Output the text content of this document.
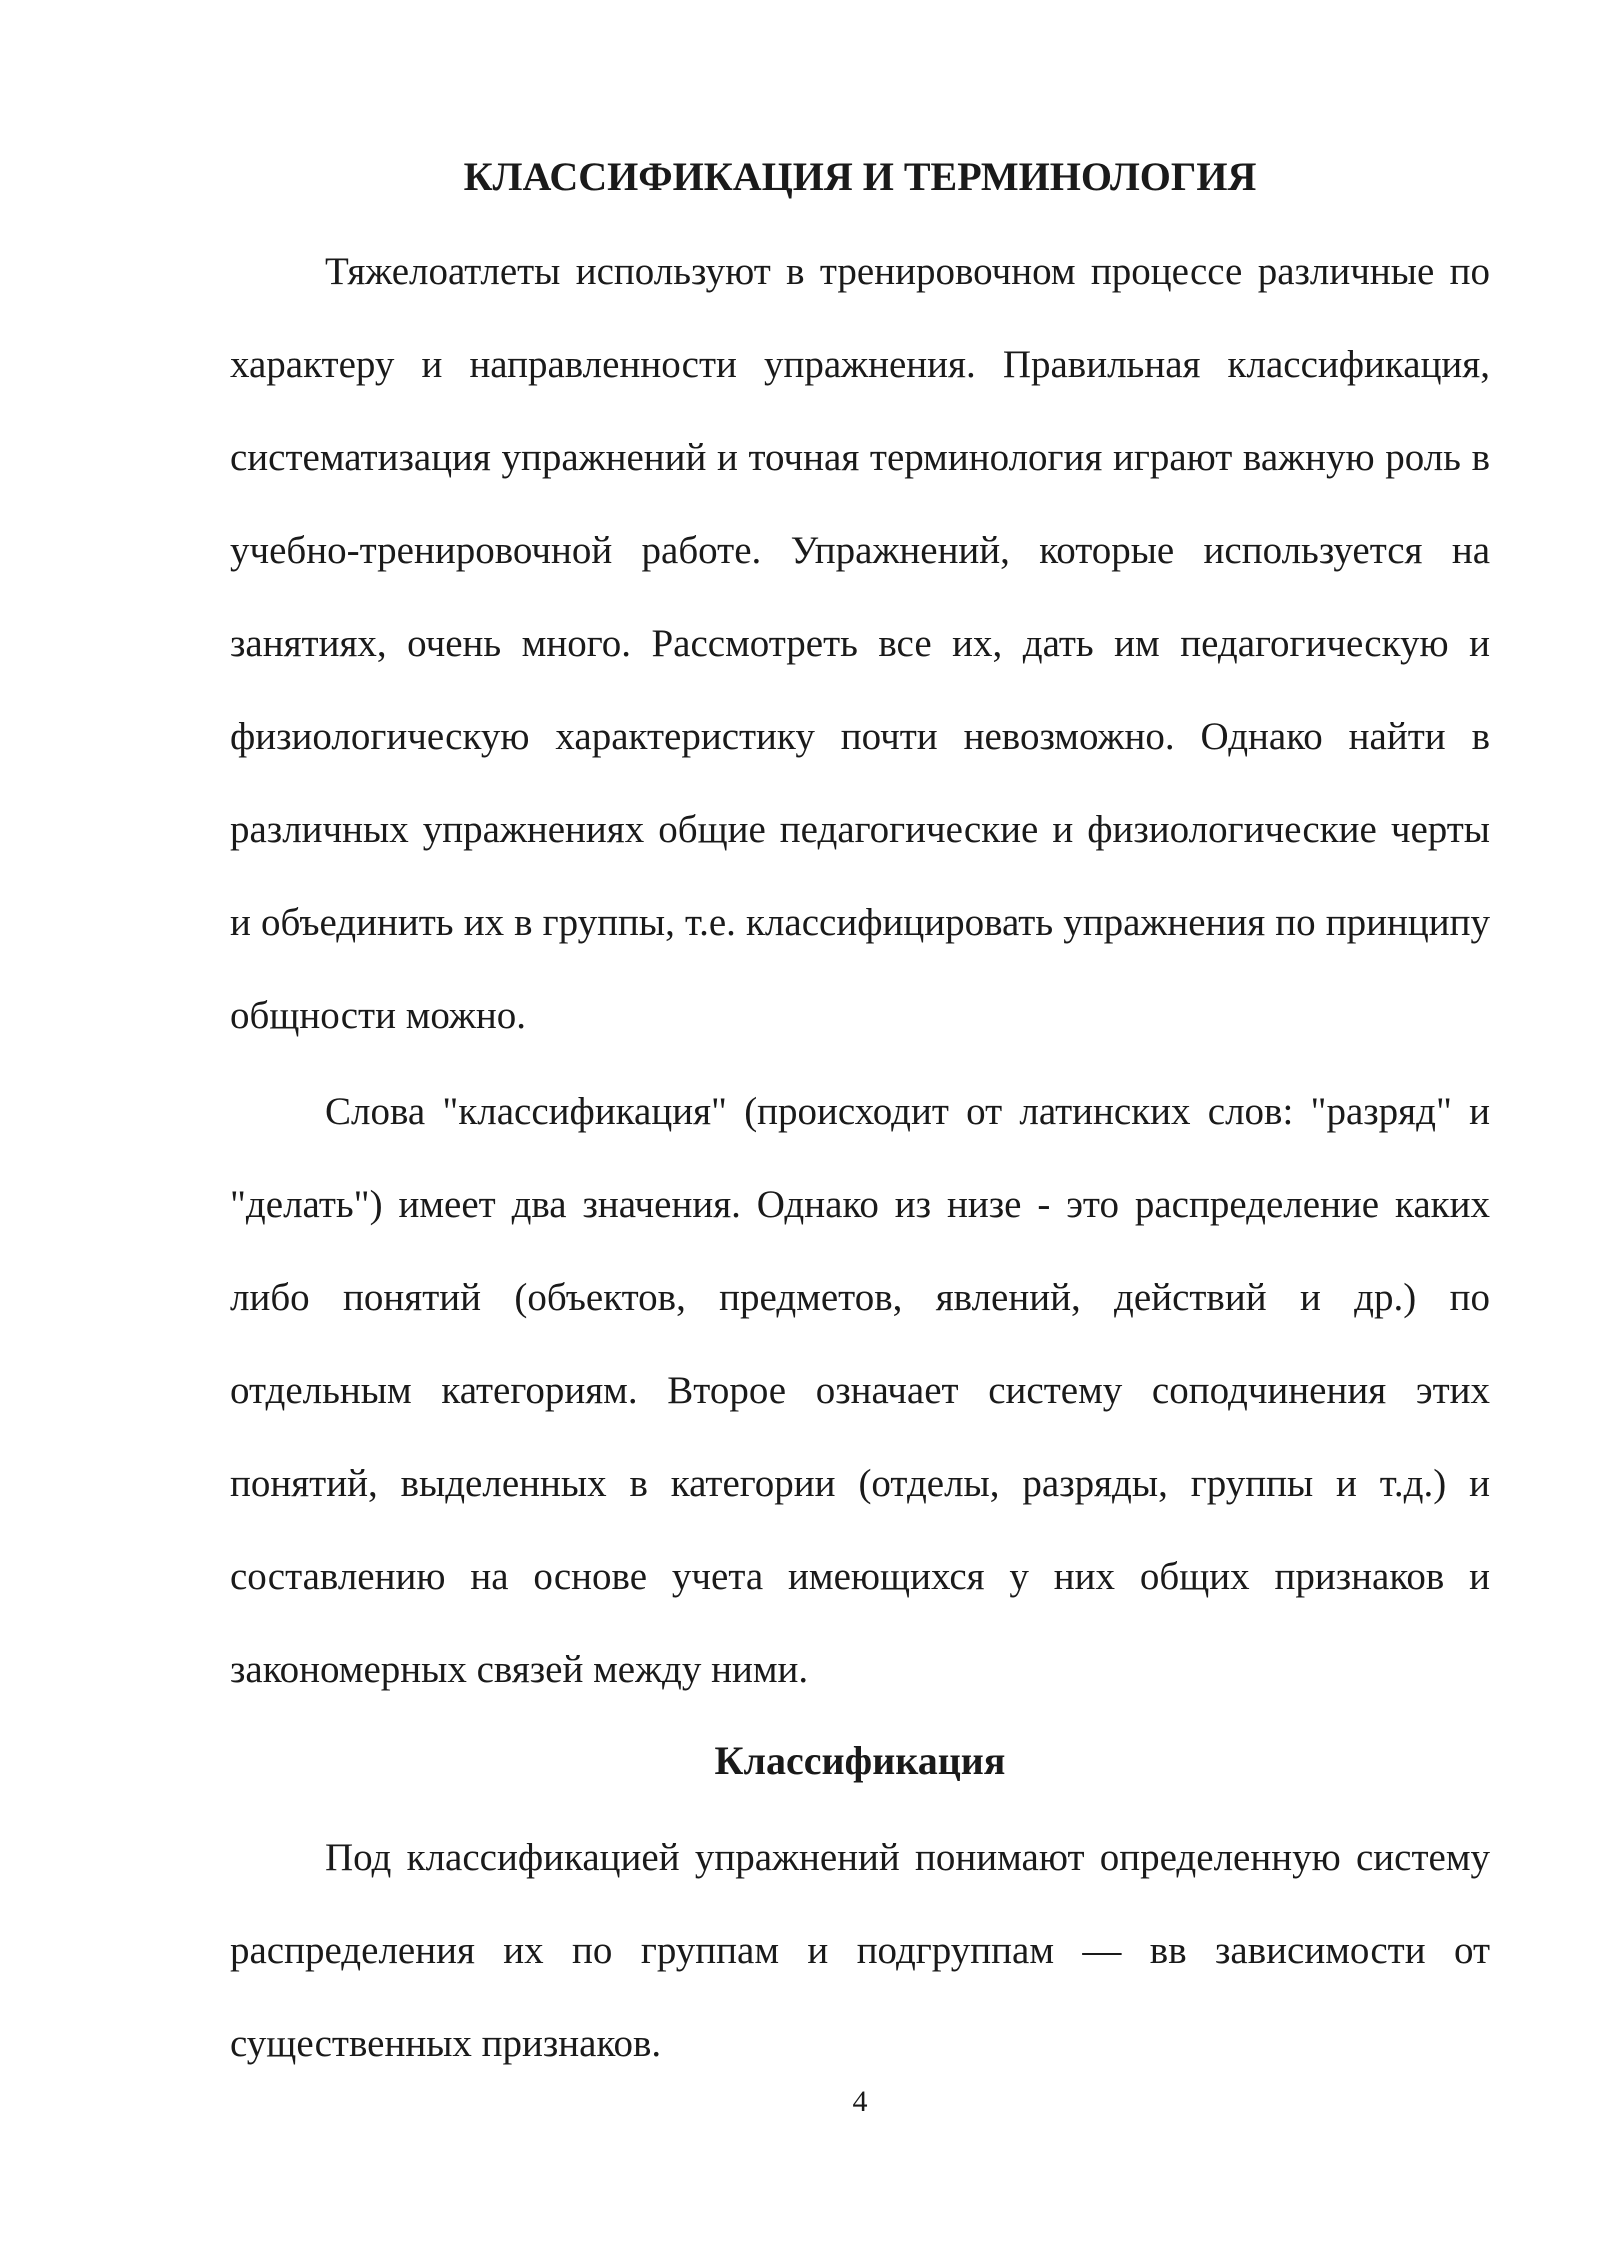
КЛАССИФИКАЦИЯ И ТЕРМИНОЛОГИЯ

Тяжелоатлеты используют в тренировочном процессе различные по характеру и направленности упражнения. Правильная классификация, систематизация упражнений и точная терминология играют важную роль в учебно-тренировочной работе. Упражнений, которые используется на занятиях, очень много. Рассмотреть все их, дать им педагогическую и физиологическую характеристику почти невозможно. Однако найти в различных упражнениях общие педагогические и физиологические черты и объединить их в группы, т.е. классифицировать упражнения по принципу общности можно.

Слова "классификация" (происходит от латинских слов: "разряд" и "делать") имеет два значения. Однако из низе - это распределение каких либо понятий (объектов, предметов, явлений, действий и др.) по отдельным категориям. Второе означает систему соподчинения этих понятий, выделенных в категории (отделы, разряды, группы и т.д.) и составлению на основе учета имеющихся у них общих признаков и закономерных связей между ними.

Классификация

Под классификацией упражнений понимают определенную систему распределения их по группам и подгруппам — вв зависимости от существенных признаков.

4
